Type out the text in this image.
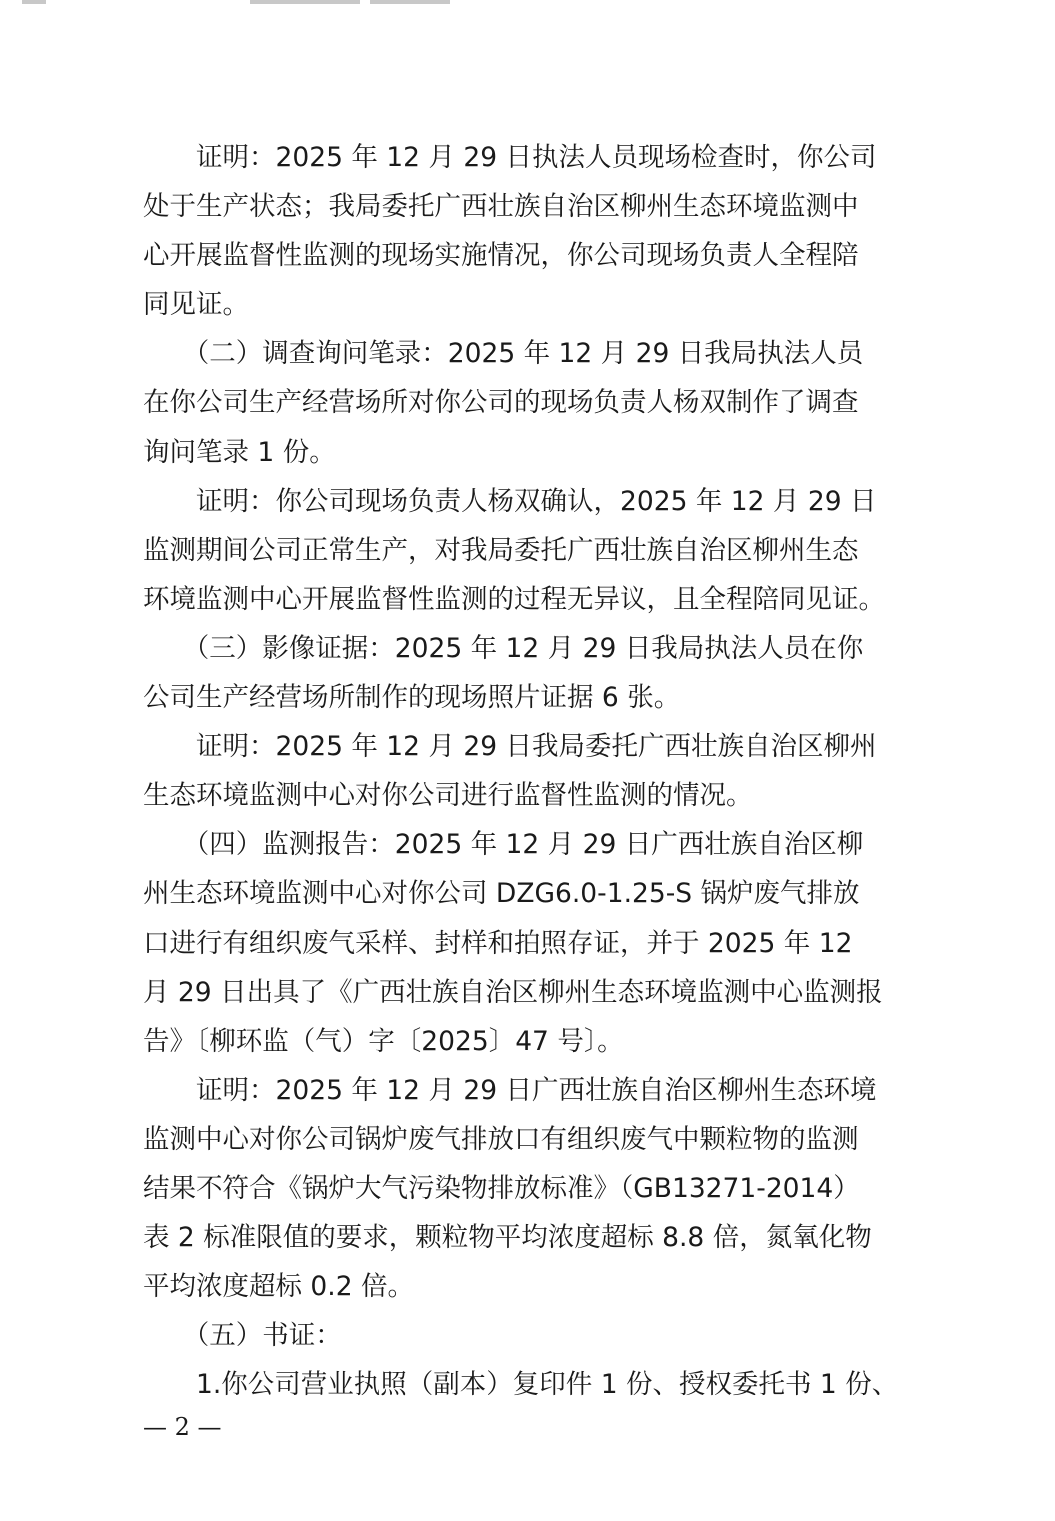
　　证明：2025 年 12 月 29 日执法人员现场检查时，你公司
处于生产状态；我局委托广西壮族自治区柳州生态环境监测中
心开展监督性监测的现场实施情况，你公司现场负责人全程陪
同见证。
　　（二）调查询问笔录：2025 年 12 月 29 日我局执法人员
在你公司生产经营场所对你公司的现场负责人杨双制作了调查
询问笔录 1 份。
　　证明：你公司现场负责人杨双确认，2025 年 12 月 29 日
监测期间公司正常生产，对我局委托广西壮族自治区柳州生态
环境监测中心开展监督性监测的过程无异议，且全程陪同见证。
　　（三）影像证据：2025 年 12 月 29 日我局执法人员在你
公司生产经营场所制作的现场照片证据 6 张。
　　证明：2025 年 12 月 29 日我局委托广西壮族自治区柳州
生态环境监测中心对你公司进行监督性监测的情况。
　　（四）监测报告：2025 年 12 月 29 日广西壮族自治区柳
州生态环境监测中心对你公司 DZG6.0-1.25-S 锅炉废气排放
口进行有组织废气采样、封样和拍照存证，并于 2025 年 12
月 29 日出具了《广西壮族自治区柳州生态环境监测中心监测报
告》〔柳环监（气）字〔2025〕47 号〕。
　　证明：2025 年 12 月 29 日广西壮族自治区柳州生态环境
监测中心对你公司锅炉废气排放口有组织废气中颗粒物的监测
结果不符合《锅炉大气污染物排放标准》（GB13271-2014）
表 2 标准限值的要求，颗粒物平均浓度超标 8.8 倍，氮氧化物
平均浓度超标 0.2 倍。
　　（五）书证：
　　1.你公司营业执照（副本）复印件 1 份、授权委托书 1 份、
— 2 —
